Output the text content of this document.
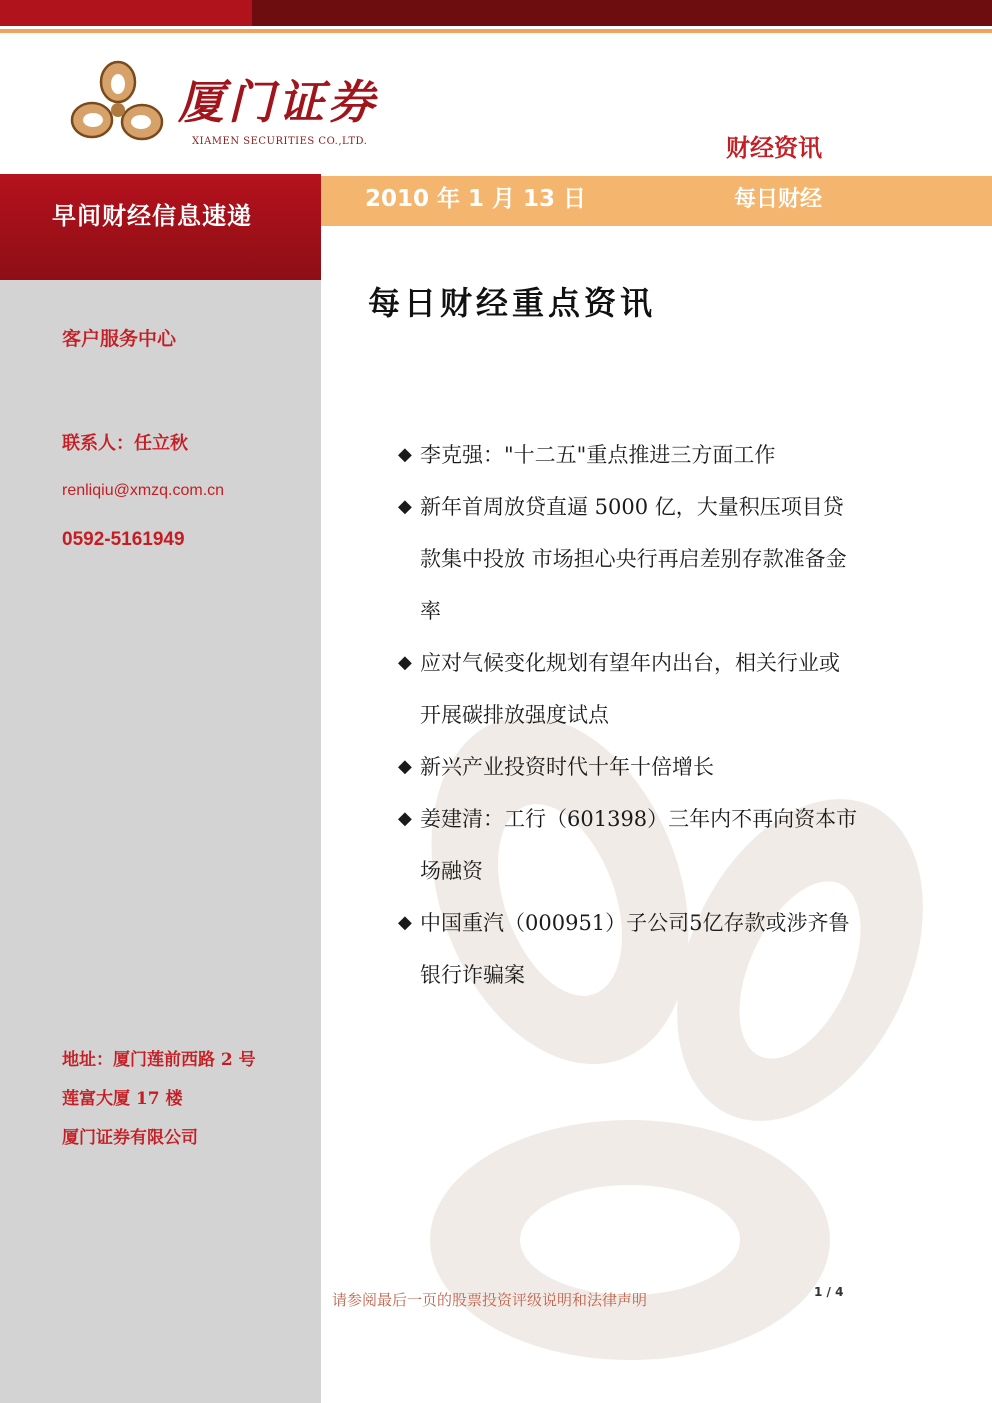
厦门证券
XIAMEN SECURITIES CO.,LTD.	财经资讯
早间财经信息速递
2010 年 1 月 13 日	每日财经
每日财经重点资讯
◆ 李克强："十二五"重点推进三方面工作
◆ 新年首周放贷直逼 5000 亿，大量积压项目贷款集中投放 市场担心央行再启差别存款准备金率
◆ 应对气候变化规划有望年内出台，相关行业或开展碳排放强度试点
◆ 新兴产业投资时代十年十倍增长
◆ 姜建清：工行（601398）三年内不再向资本市场融资
◆ 中国重汽（000951）子公司5亿存款或涉齐鲁银行诈骗案
客户服务中心
联系人：任立秋
renliqiu@xmzq.com.cn
0592-5161949
地址：厦门莲前西路 2 号
莲富大厦 17 楼
厦门证券有限公司
请参阅最后一页的股票投资评级说明和法律声明	1 / 4
